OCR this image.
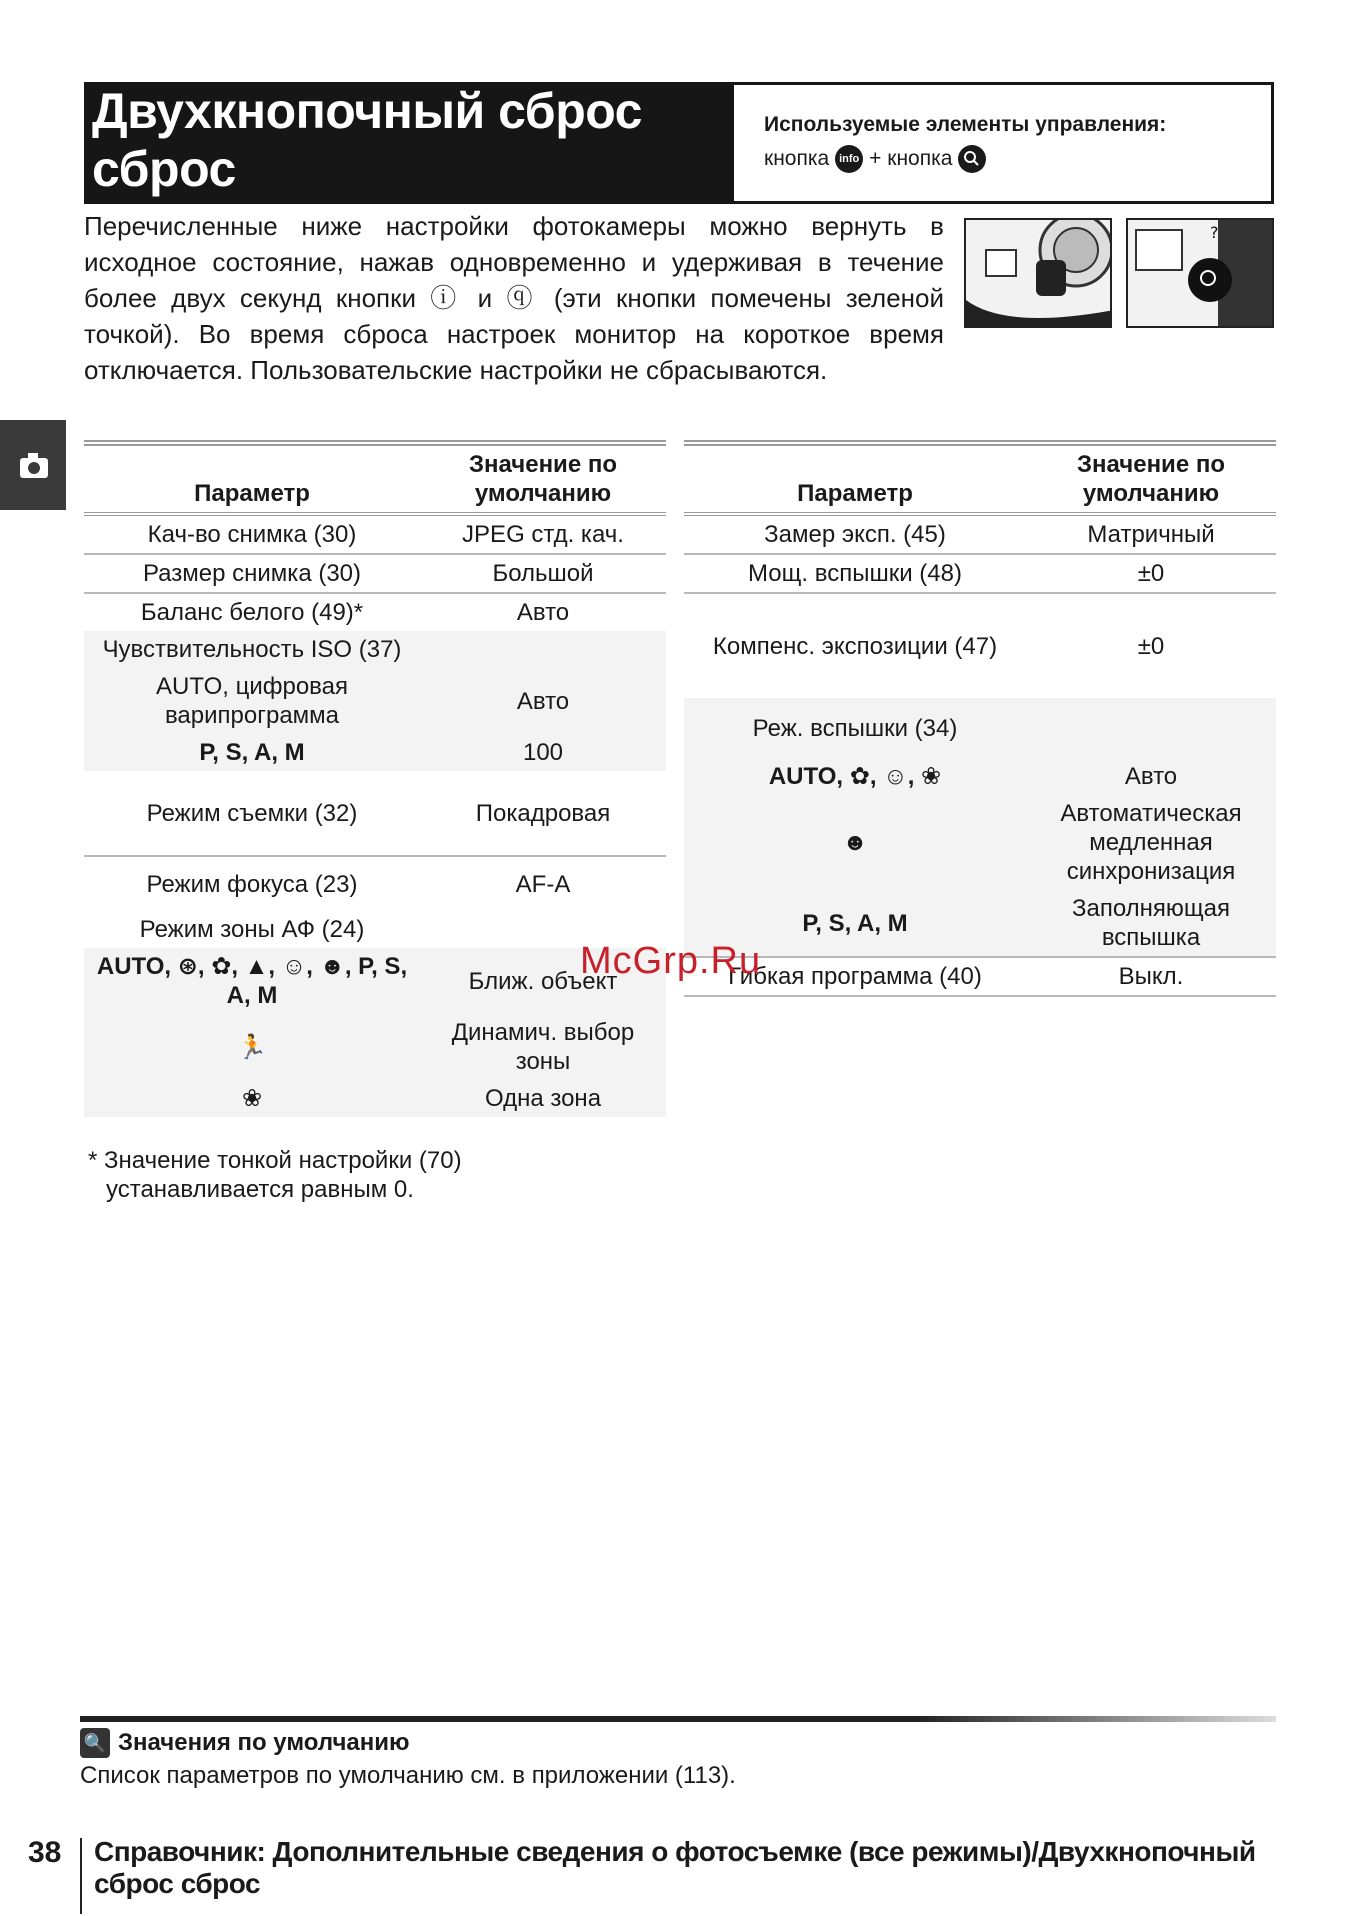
Двухкнопочный сброс
сброс
Используемые элементы управления:
кнопка info + кнопка
Перечисленные ниже настройки фотокамеры можно вернуть в исходное состояние, нажав одновременно и удерживая в течение более двух секунд кнопки ⓘ и ⓠ (эти кнопки помечены зеленой точкой). Во время сброса настроек монитор на короткое время отключается. Пользовательские настройки не сбрасываются.
?
Параметр	Значение по умолчанию
Кач-во снимка (30)	JPEG стд. кач.
Размер снимка (30)	Большой
Баланс белого (49)*	Авто
Чувствительность ISO (37)	
AUTO, цифровая варипрограмма	Авто
P, S, A, M	100
Режим съемки (32)	Покадровая
Режим фокуса (23)	AF-A
Режим зоны АФ (24)	
AUTO, ⊛, ✿, ▲, ☺, ☻, P, S, A, M	Ближ. объект
🏃	Динамич. выбор зоны
❀	Одна зона
Параметр	Значение по умолчанию
Замер эксп. (45)	Матричный
Мощ. вспышки (48)	±0
Компенс. экспозиции (47)	±0
Реж. вспышки (34)	
AUTO, ✿, ☺, ❀	Авто
☻	Автоматическая медленная синхронизация
P, S, A, M	Заполняющая вспышка
Гибкая программа (40)	Выкл.
* Значение тонкой настройки (70)
устанавливается равным 0.
McGrp.Ru
🔍 Значения по умолчанию
Список параметров по умолчанию см. в приложении (113).
38 Справочник: Дополнительные сведения о фотосъемке (все режимы)/Двухкнопочный сброс сброс
